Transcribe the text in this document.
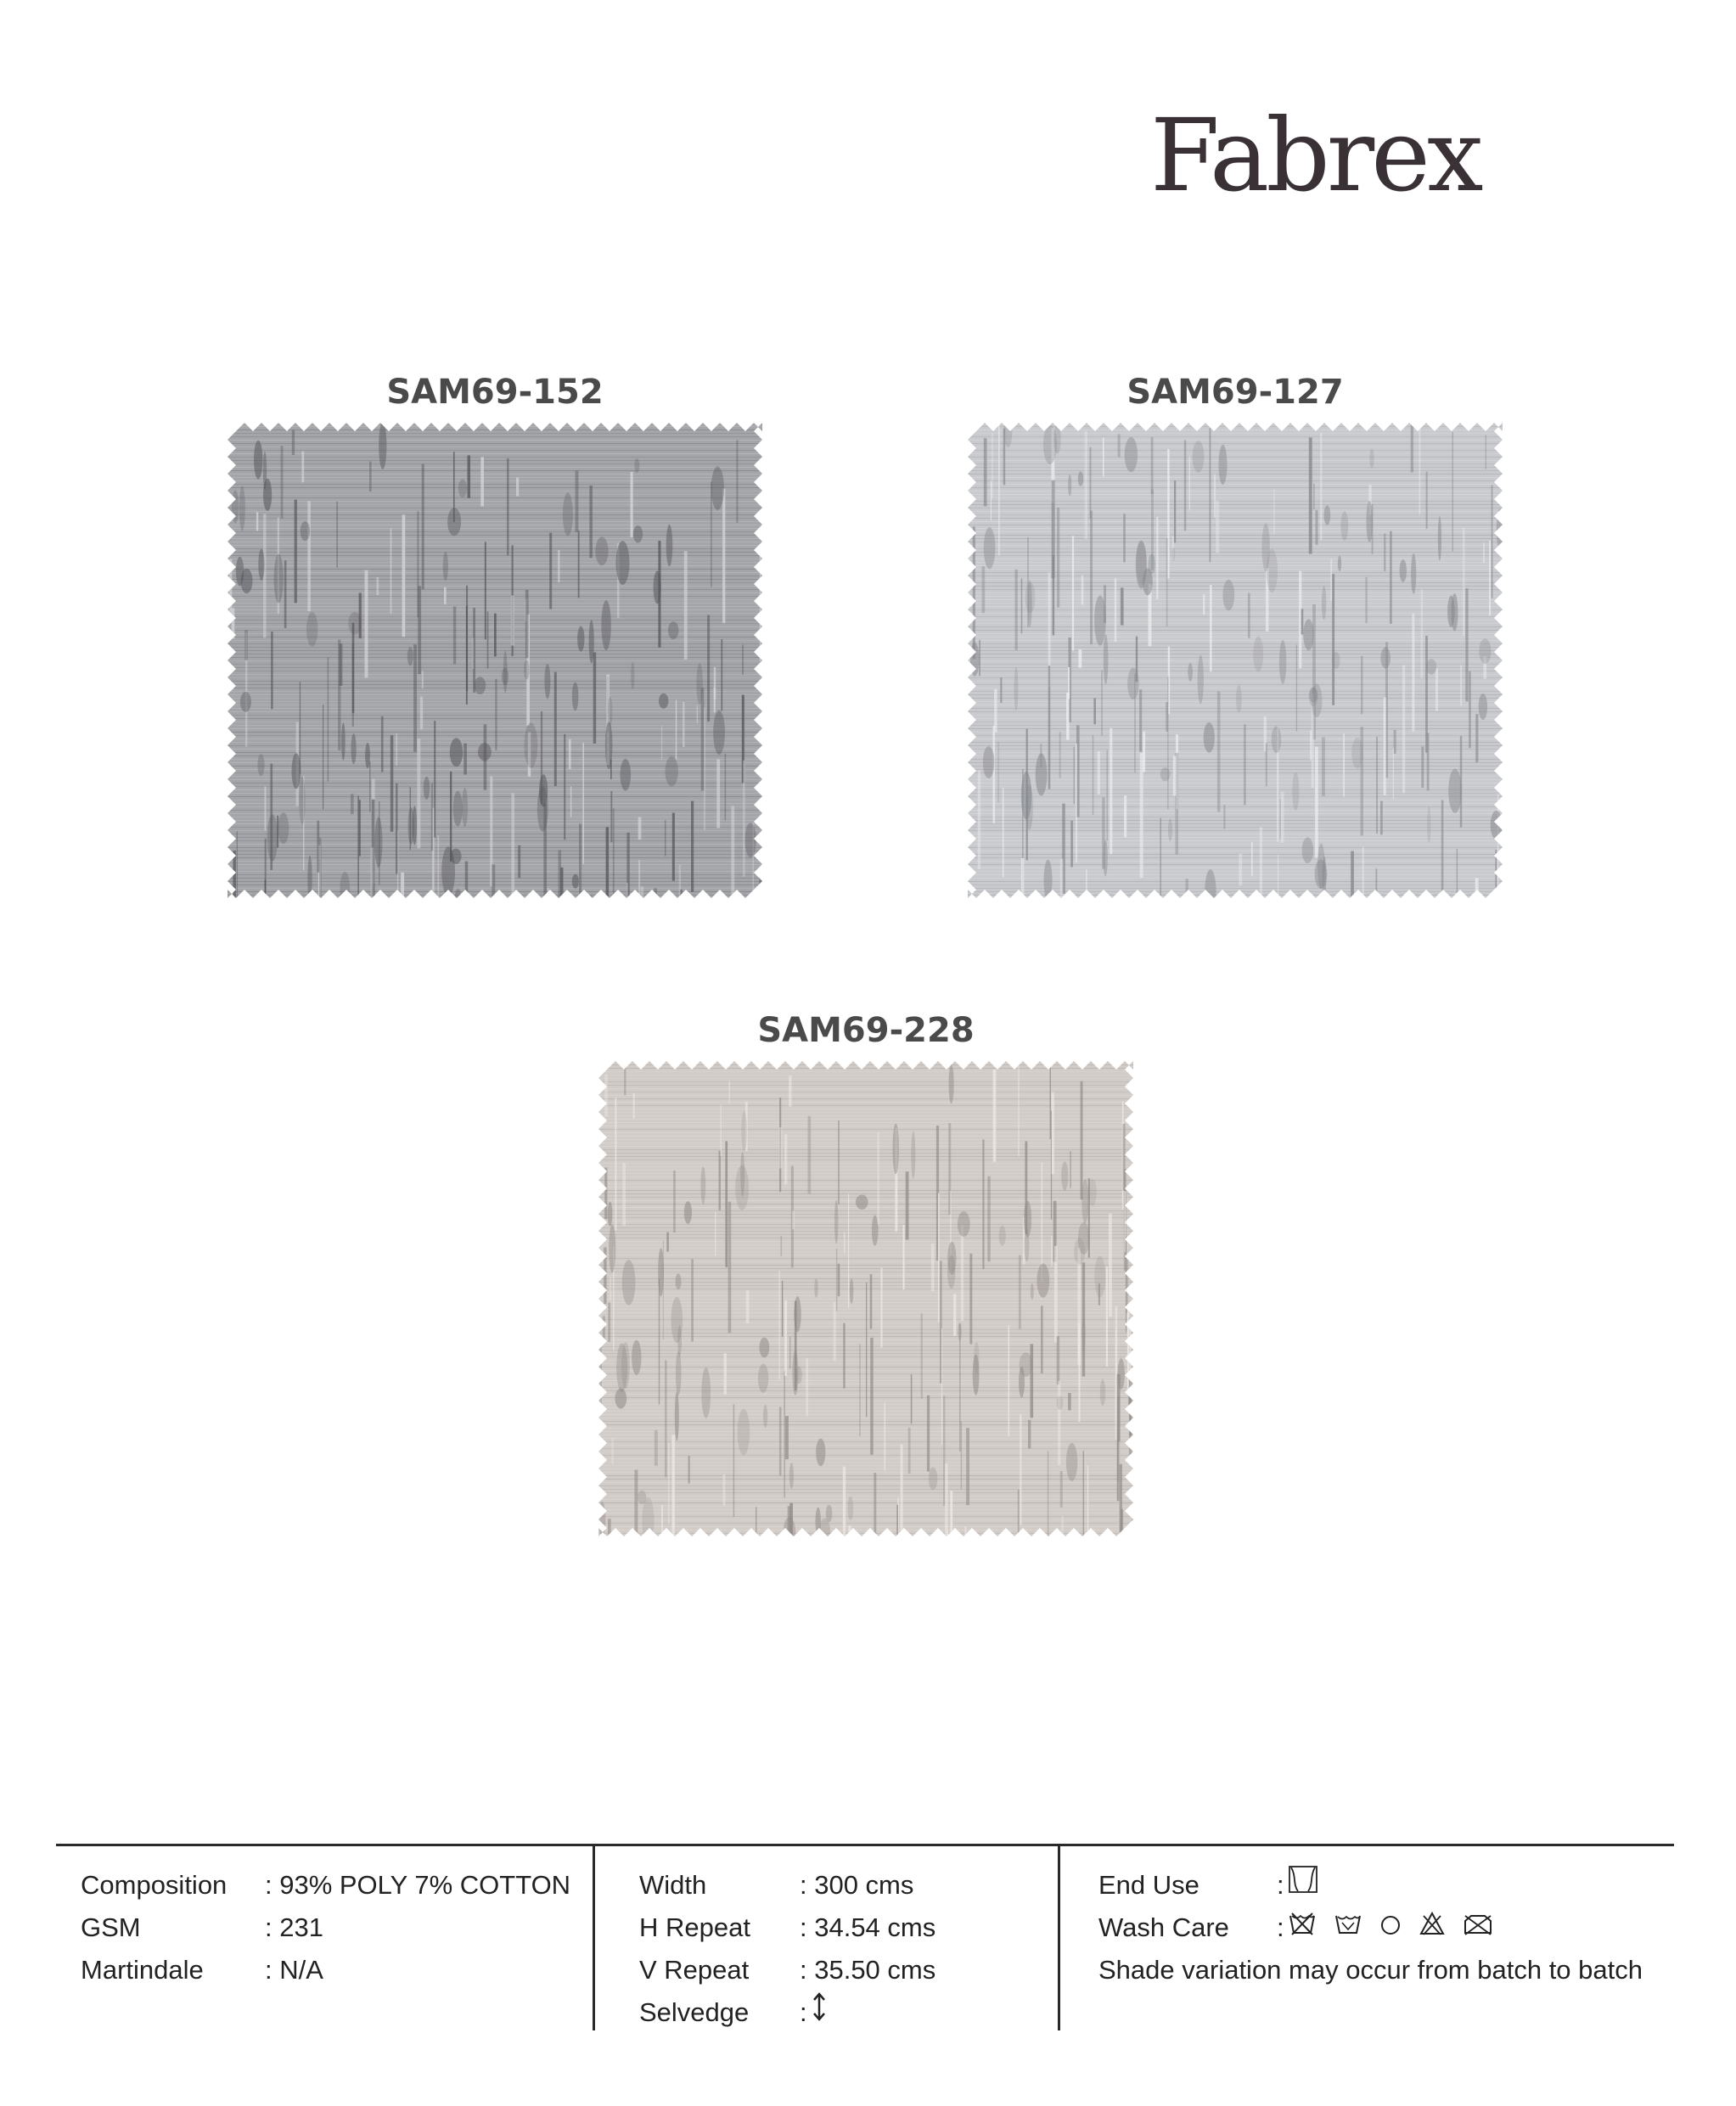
Fabrex
SAM69-152	SAM69-127
SAM69-228
Composition	: 93% POLY 7% COTTON
GSM	: 231
Martindale	: N/A
Width	: 300 cms
H Repeat	: 34.54 cms
V Repeat	: 35.50 cms
Selvedge	:
End Use	:
Wash Care	:
Shade variation may occur from batch to batch
